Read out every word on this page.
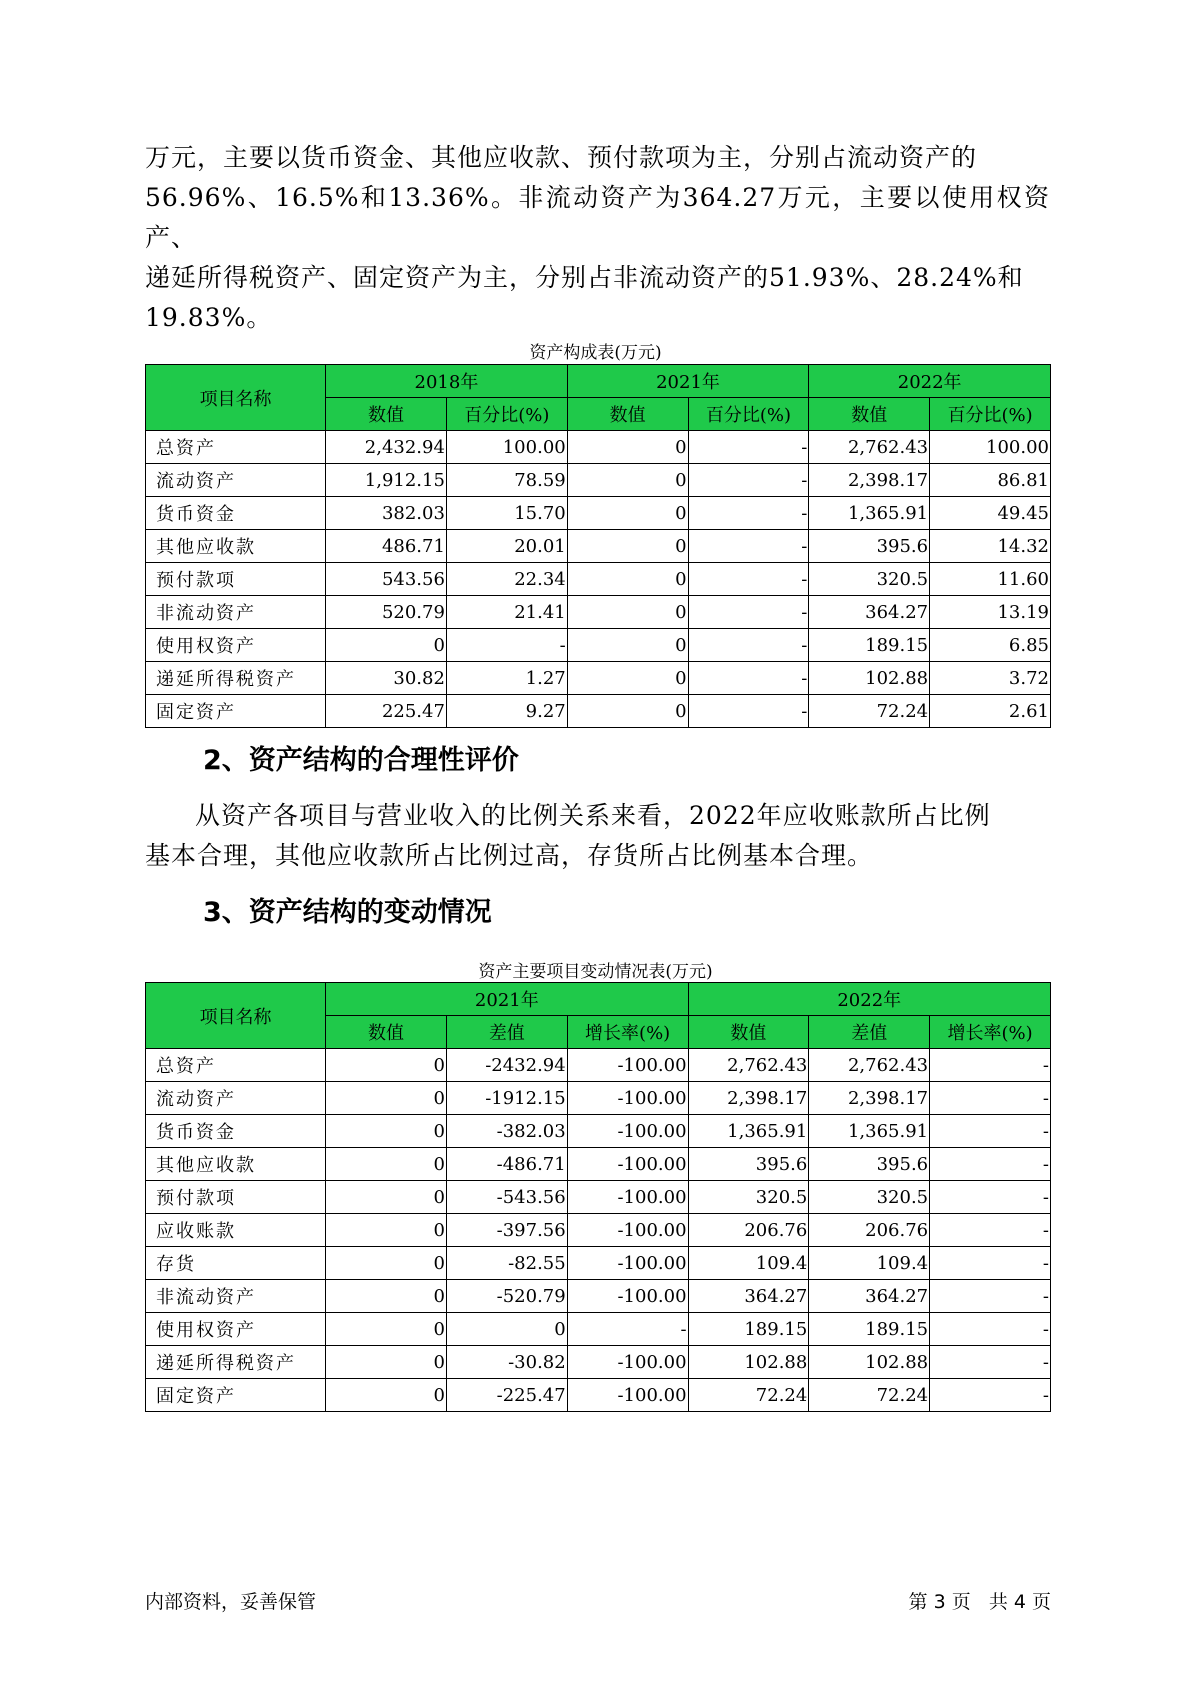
万元，主要以货币资金、其他应收款、预付款项为主，分别占流动资产的
56.96%、16.5%和13.36%。非流动资产为364.27万元，主要以使用权资产、
递延所得税资产、固定资产为主，分别占非流动资产的51.93%、28.24%和
19.83%。
资产构成表(万元)
项目名称	2018年		2021年		2022年	
	数值	百分比(%)	数值	百分比(%)	数值	百分比(%)
总资产	2,432.94	100.00	0	-	2,762.43	100.00
流动资产	1,912.15	78.59	0	-	2,398.17	86.81
货币资金	382.03	15.70	0	-	1,365.91	49.45
其他应收款	486.71	20.01	0	-	395.6	14.32
预付款项	543.56	22.34	0	-	320.5	11.60
非流动资产	520.79	21.41	0	-	364.27	13.19
使用权资产	0	-	0	-	189.15	6.85
递延所得税资产	30.82	1.27	0	-	102.88	3.72
固定资产	225.47	9.27	0	-	72.24	2.61
2、资产结构的合理性评价
从资产各项目与营业收入的比例关系来看，2022年应收账款所占比例
基本合理，其他应收款所占比例过高，存货所占比例基本合理。
3、资产结构的变动情况
资产主要项目变动情况表(万元)
项目名称	2021年			2022年		
	数值	差值	增长率(%)	数值	差值	增长率(%)
总资产	0	-2432.94	-100.00	2,762.43	2,762.43	-
流动资产	0	-1912.15	-100.00	2,398.17	2,398.17	-
货币资金	0	-382.03	-100.00	1,365.91	1,365.91	-
其他应收款	0	-486.71	-100.00	395.6	395.6	-
预付款项	0	-543.56	-100.00	320.5	320.5	-
应收账款	0	-397.56	-100.00	206.76	206.76	-
存货	0	-82.55	-100.00	109.4	109.4	-
非流动资产	0	-520.79	-100.00	364.27	364.27	-
使用权资产	0	0	-	189.15	189.15	-
递延所得税资产	0	-30.82	-100.00	102.88	102.88	-
固定资产	0	-225.47	-100.00	72.24	72.24	-
内部资料，妥善保管	第 3 页   共 4 页
